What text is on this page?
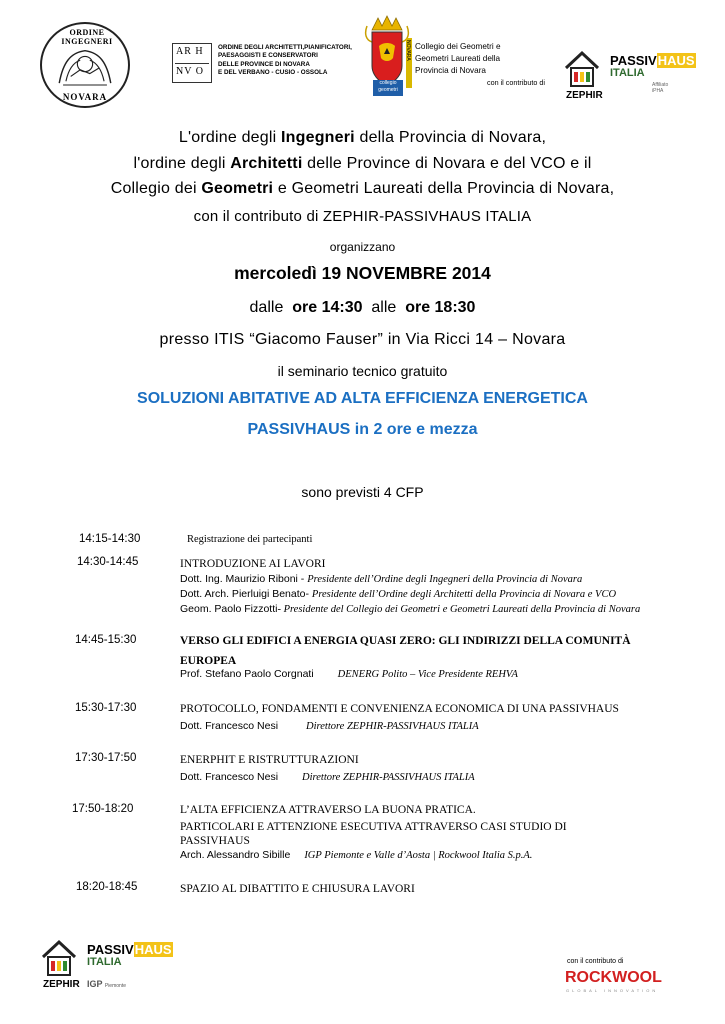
ORDINE INGEGNERI
NOVARA
AR H
NV O
ORDINE DEGLI ARCHITETTI,PIANIFICATORI,
PAESAGGISTI E CONSERVATORI
DELLE PROVINCE DI NOVARA
E DEL VERBANO - CUSIO - OSSOLA
NOVARA
collegio geometri
Collegio dei Geometri e
Geometri Laureati della
Provincia di Novara
con il contributo di
PASSIVHAUS
ITALIA
Affiliato iPHA
ZEPHIR
L'ordine degli Ingegneri della Provincia di Novara,
l'ordine degli Architetti delle Province di Novara e del VCO e il
Collegio dei Geometri e Geometri Laureati della Provincia di Novara,
con il contributo di ZEPHIR-PASSIVHAUS ITALIA
organizzano
mercoledì 19 NOVEMBRE 2014
dalle ore 14:30 alle ore 18:30
presso ITIS “Giacomo Fauser” in Via Ricci 14 – Novara
il seminario tecnico gratuito
SOLUZIONI ABITATIVE AD ALTA EFFICIENZA ENERGETICA
PASSIVHAUS in 2 ore e mezza
sono previsti 4 CFP
14:15-14:30	Registrazione dei partecipanti
14:30-14:45	INTRODUZIONE AI LAVORI
Dott. Ing. Maurizio Riboni - Presidente dell’Ordine degli Ingegneri della Provincia di Novara
Dott. Arch. Pierluigi Benato- Presidente dell’Ordine degli Architetti della Provincia di Novara e VCO
Geom. Paolo Fizzotti- Presidente del Collegio dei Geometri e Geometri Laureati della Provincia di Novara
14:45-15:30	VERSO GLI EDIFICI A ENERGIA QUASI ZERO: GLI INDIRIZZI DELLA COMUNITÀ
EUROPEA
Prof. Stefano Paolo Corgnati DENERG Polito – Vice Presidente REHVA
15:30-17:30	PROTOCOLLO, FONDAMENTI E CONVENIENZA ECONOMICA DI UNA PASSIVHAUS
Dott. Francesco Nesi	Direttore ZEPHIR-PASSIVHAUS ITALIA
17:30-17:50	ENERPHIT E RISTRUTTURAZIONI
Dott. Francesco Nesi Direttore ZEPHIR-PASSIVHAUS ITALIA
17:50-18:20	L’ALTA EFFICIENZA ATTRAVERSO LA BUONA PRATICA.
PARTICOLARI E ATTENZIONE ESECUTIVA ATTRAVERSO CASI STUDIO DI
PASSIVHAUS
Arch. Alessandro Sibille IGP Piemonte e Valle d’Aosta | Rockwool Italia S.p.A.
18:20-18:45	SPAZIO AL DIBATTITO E CHIUSURA LAVORI
PASSIVHAUS
ITALIA
ZEPHIR IGP Piemonte
con il contributo di
ROCKWOOL
GLOBAL INNOVATION
